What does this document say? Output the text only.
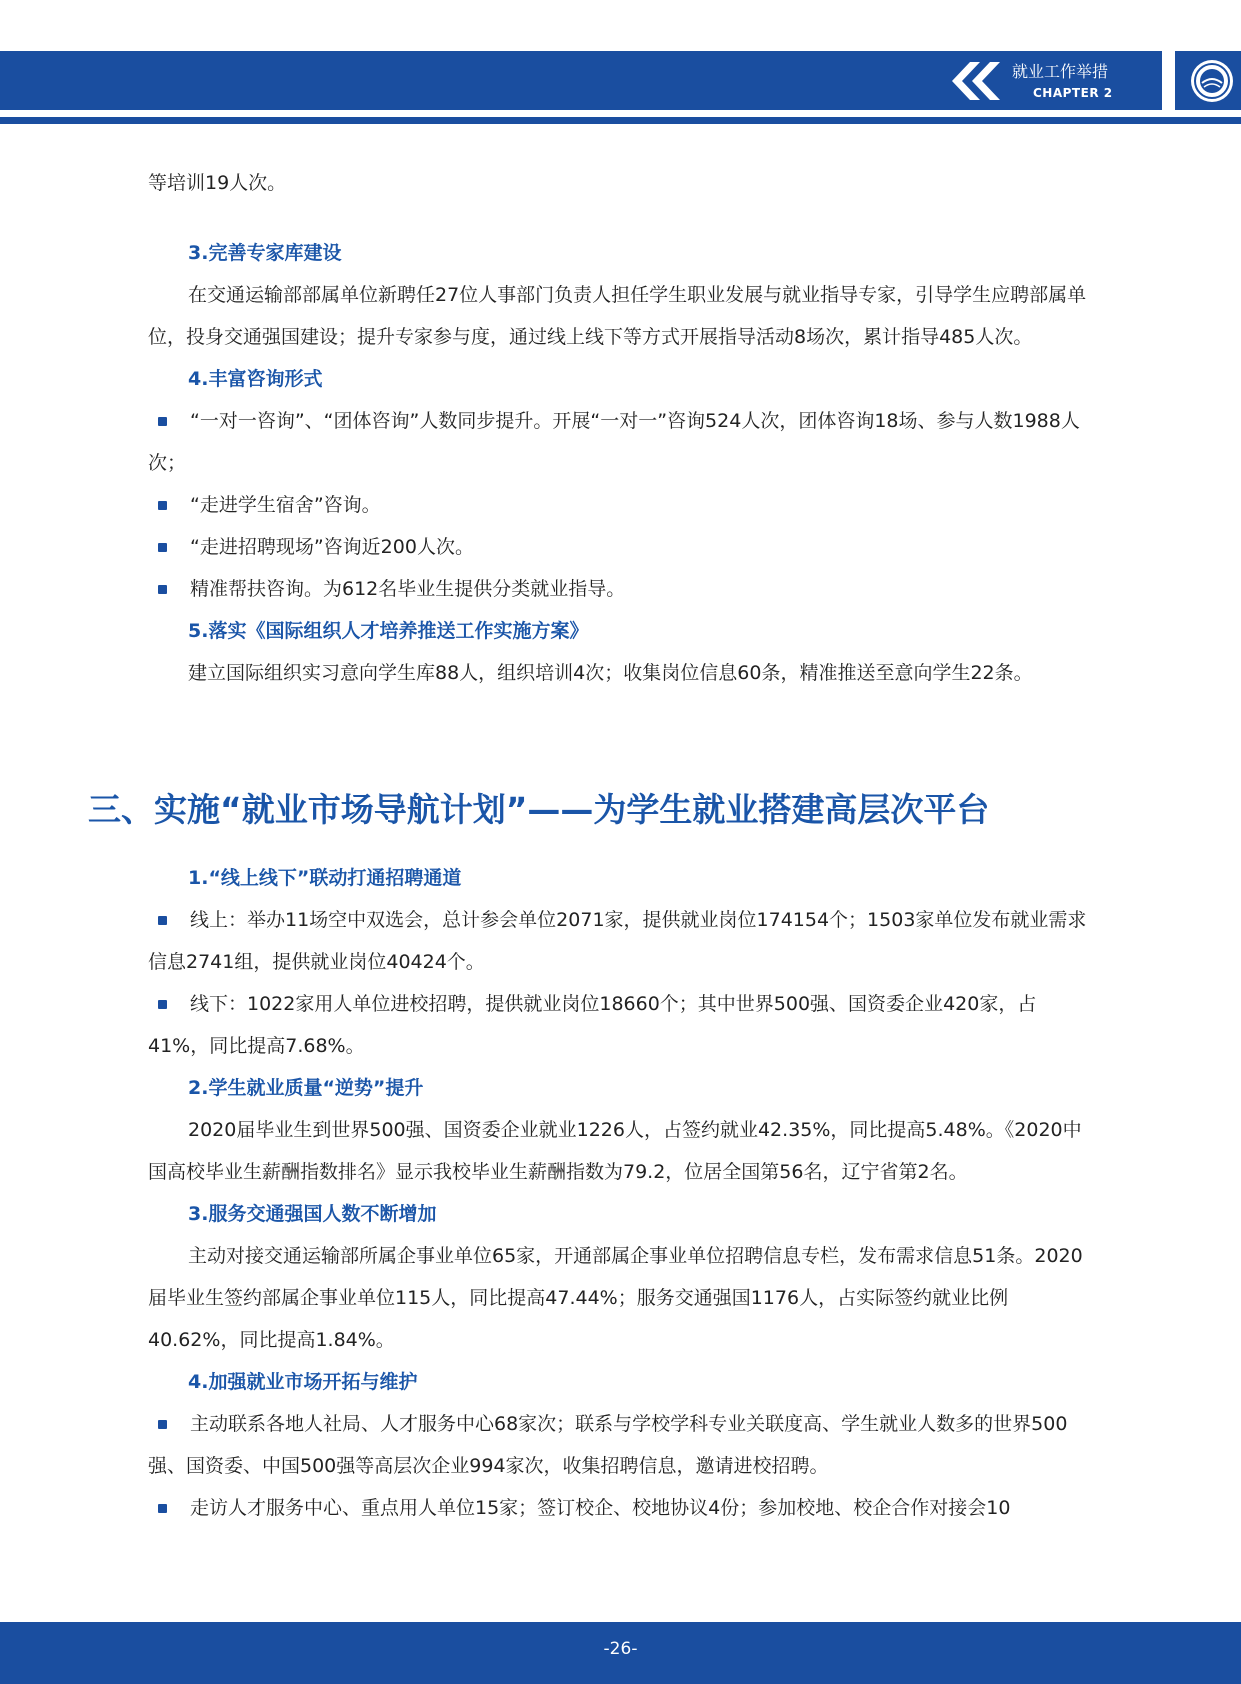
就业工作举措
CHAPTER 2

等培训19人次。

3.完善专家库建设

在交通运输部部属单位新聘任27位人事部门负责人担任学生职业发展与就业指导专家，引导学生应聘部属单位，投身交通强国建设；提升专家参与度，通过线上线下等方式开展指导活动8场次，累计指导485人次。

4.丰富咨询形式

“一对一咨询”、“团体咨询”人数同步提升。开展“一对一”咨询524人次，团体咨询18场、参与人数1988人次；

“走进学生宿舍”咨询。

“走进招聘现场”咨询近200人次。

精准帮扶咨询。为612名毕业生提供分类就业指导。

5.落实《国际组织人才培养推送工作实施方案》

建立国际组织实习意向学生库88人，组织培训4次；收集岗位信息60条，精准推送至意向学生22条。

三、实施“就业市场导航计划”——为学生就业搭建高层次平台
1.“线上线下”联动打通招聘通道

线上：举办11场空中双选会，总计参会单位2071家，提供就业岗位174154个；1503家单位发布就业需求信息2741组，提供就业岗位40424个。

线下：1022家用人单位进校招聘，提供就业岗位18660个；其中世界500强、国资委企业420家，占41%，同比提高7.68%。

2.学生就业质量“逆势”提升

2020届毕业生到世界500强、国资委企业就业1226人，占签约就业42.35%，同比提高5.48%。《2020中国高校毕业生薪酬指数排名》显示我校毕业生薪酬指数为79.2，位居全国第56名，辽宁省第2名。

3.服务交通强国人数不断增加

主动对接交通运输部所属企事业单位65家，开通部属企事业单位招聘信息专栏，发布需求信息51条。2020届毕业生签约部属企事业单位115人，同比提高47.44%；服务交通强国1176人，占实际签约就业比例40.62%，同比提高1.84%。

4.加强就业市场开拓与维护

主动联系各地人社局、人才服务中心68家次；联系与学校学科专业关联度高、学生就业人数多的世界500强、国资委、中国500强等高层次企业994家次，收集招聘信息，邀请进校招聘。

走访人才服务中心、重点用人单位15家；签订校企、校地协议4份；参加校地、校企合作对接会10

-26-
